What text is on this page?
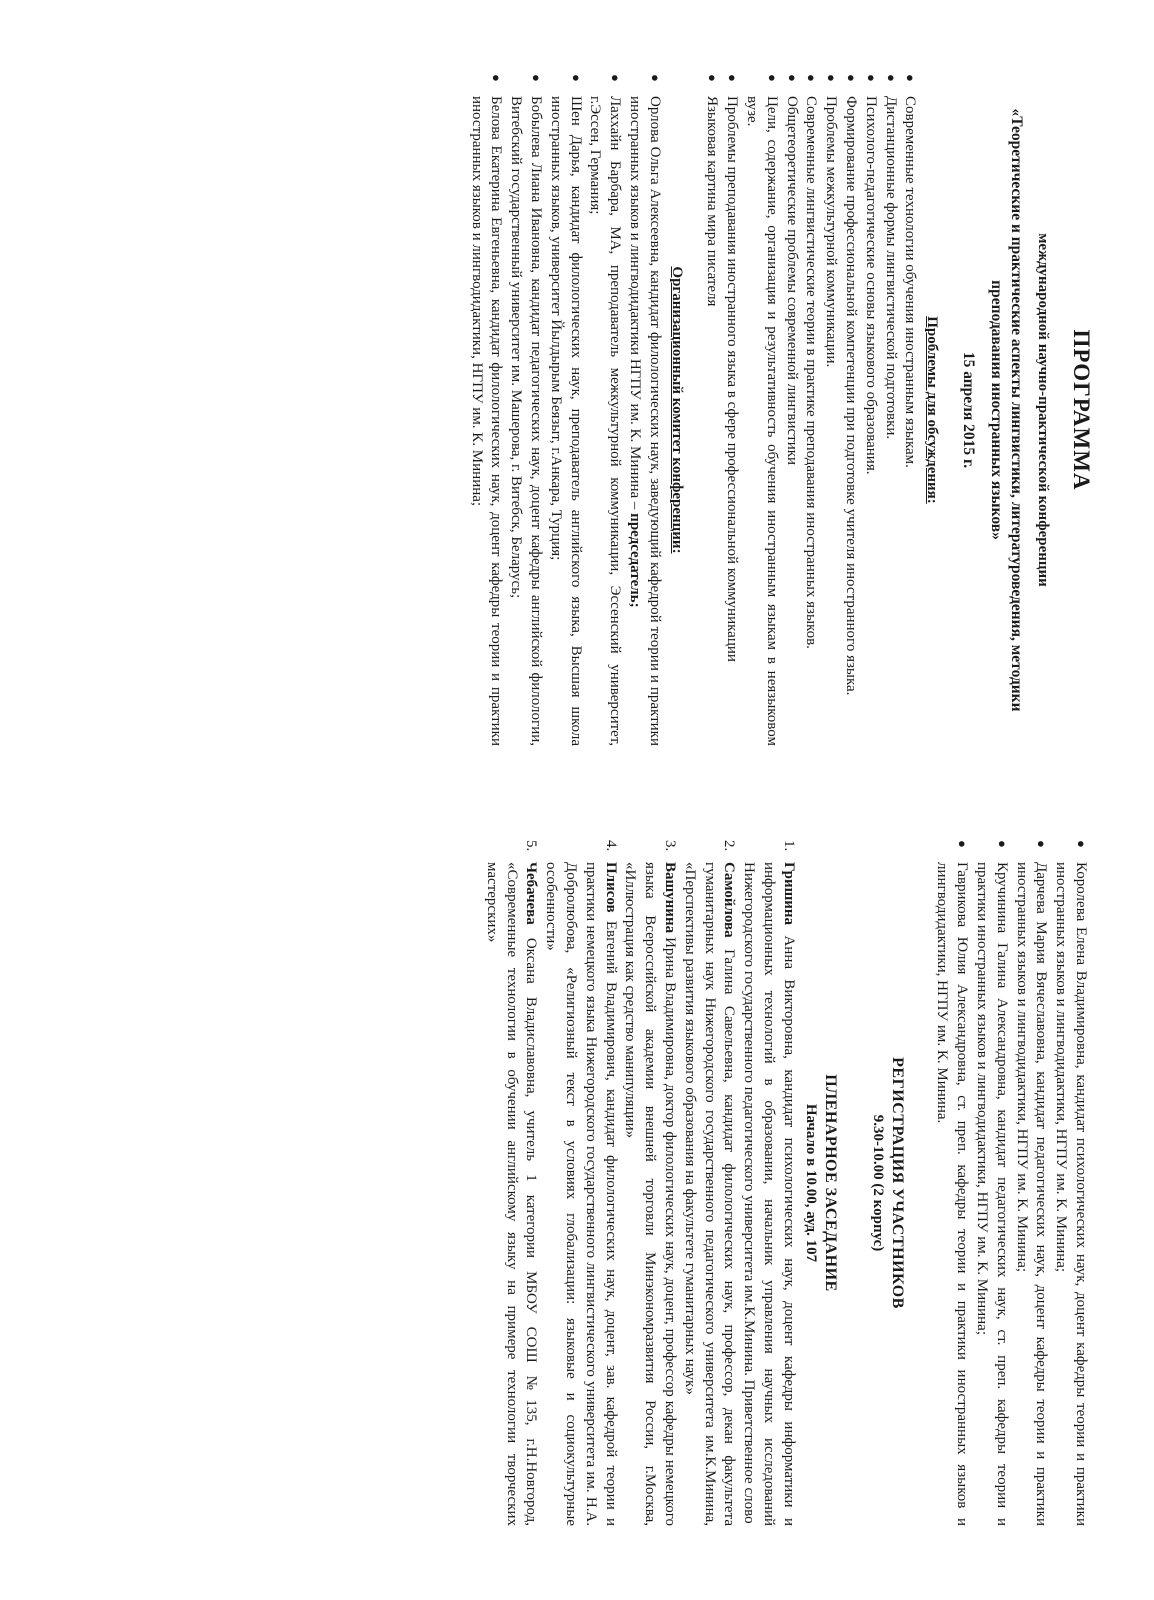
ПРОГРАММА
международной научно-практической конференции
«Теоретические и практические аспекты лингвистики, литературоведения, методики преподавания иностранных языков»
15 апреля 2015 г.
Проблемы для обсуждения:
●
Современные технологии обучения иностранным языкам.
●
Дистанционные формы лингвистической подготовки.
●
Психолого-педагогические основы языкового образования.
●
Формирование профессиональной компетенции при подготовке учителя иностранного языка.
●
Проблемы межкультурной коммуникации.
●
Современные лингвистические теории в практике преподавания иностранных языков.
●
Общетеоретические проблемы современной лингвистики
●
Цели, содержание, организация и результативность обучения иностранным языкам в неязыковом вузе.
●
Проблемы преподавания иностранного языка в сфере профессиональной коммуникации
●
Языковая картина мира писателя
Организационный комитет конференции:
●
Орлова Ольга Алексеевна, кандидат филологических наук, заведующий кафедрой теории и практики иностранных языков и лингводидактики НГПУ им. К. Минина – председатель;
●
Лаххайн Барбара, МА, преподаватель межкультурной коммуникации, Эссенский университет, г.Эссен, Германия;
●
Шен Дарья, кандидат филологических наук, преподаватель английского языка, Высшая школа иностранных языков, университет Йылдырым Беязыт, г.Анкара, Турция;
●
Бобылева Лиана Ивановна, кандидат педагогических наук, доцент кафедры английской филологии, Витебский государственный университет им. Машерова, г. Витебск, Беларусь;
●
Белова Екатерина Евгеньевна, кандидат филологических наук, доцент кафедры теории и практики иностранных языков и лингводидактики, НГПУ им. К. Минина;
●
Королева Елена Владимировна, кандидат психологических наук, доцент кафедры теории и практики иностранных языков и лингводидактики, НГПУ им. К. Минина;
●
Дарчева Мария Вячеславовна, кандидат педагогических наук, доцент кафедры теории и практики иностранных языков и лингводидактики, НГПУ им. К. Минина;
●
Кручинина Галина Александровна, кандидат педагогических наук, ст. преп. кафедры теории и практики иностранных языков и лингводидактики, НГПУ им. К. Минина;
●
Гаврикова Юлия Александровна, ст. преп. кафедры теории и практики иностранных языков и лингводидактики, НГПУ им. К. Минина.
РЕГИСТРАЦИЯ УЧАСТНИКОВ
9.30-10.00 (2 корпус)
ПЛЕНАРНОЕ ЗАСЕДАНИЕ
Начало в 10.00, ауд. 107
1.
Гришина Анна Викторовна, кандидат психологических наук, доцент кафедры информатики и информационных технологий в образовании, начальник управления научных исследований Нижегородского государственного педагогического университета им.К.Минина. Приветственное слово
2.
Самойлова Галина Савельевна, кандидат филологических наук, профессор, декан факультета гуманитарных наук Нижегородского государственного педагогического университета им.К.Минина, «Перспективы развития языкового образования на факультете гуманитарных наук»
3.
Вашунина Ирина Владимировна, доктор филологических наук, доцент, профессор кафедры немецкого языка Всероссийской академии внешней торговли Минэкономразвития России, г.Москва, «Иллюстрация как средство манипуляции»
4.
Плисов Евгений Владимирович, кандидат филологических наук, доцент, зав. кафедрой теории и практики немецкого языка Нижегородского государственного лингвистического университета им. Н.А. Добролюбова, «Религиозный текст в условиях глобализации: языковые и социокультурные особенности»
5.
Чебачева Оксана Владиславовна, учитель 1 категории МБОУ СОШ №135, г.Н.Новгород, «Современные технологии в обучении английскому языку на примере технологии творческих мастерских»
